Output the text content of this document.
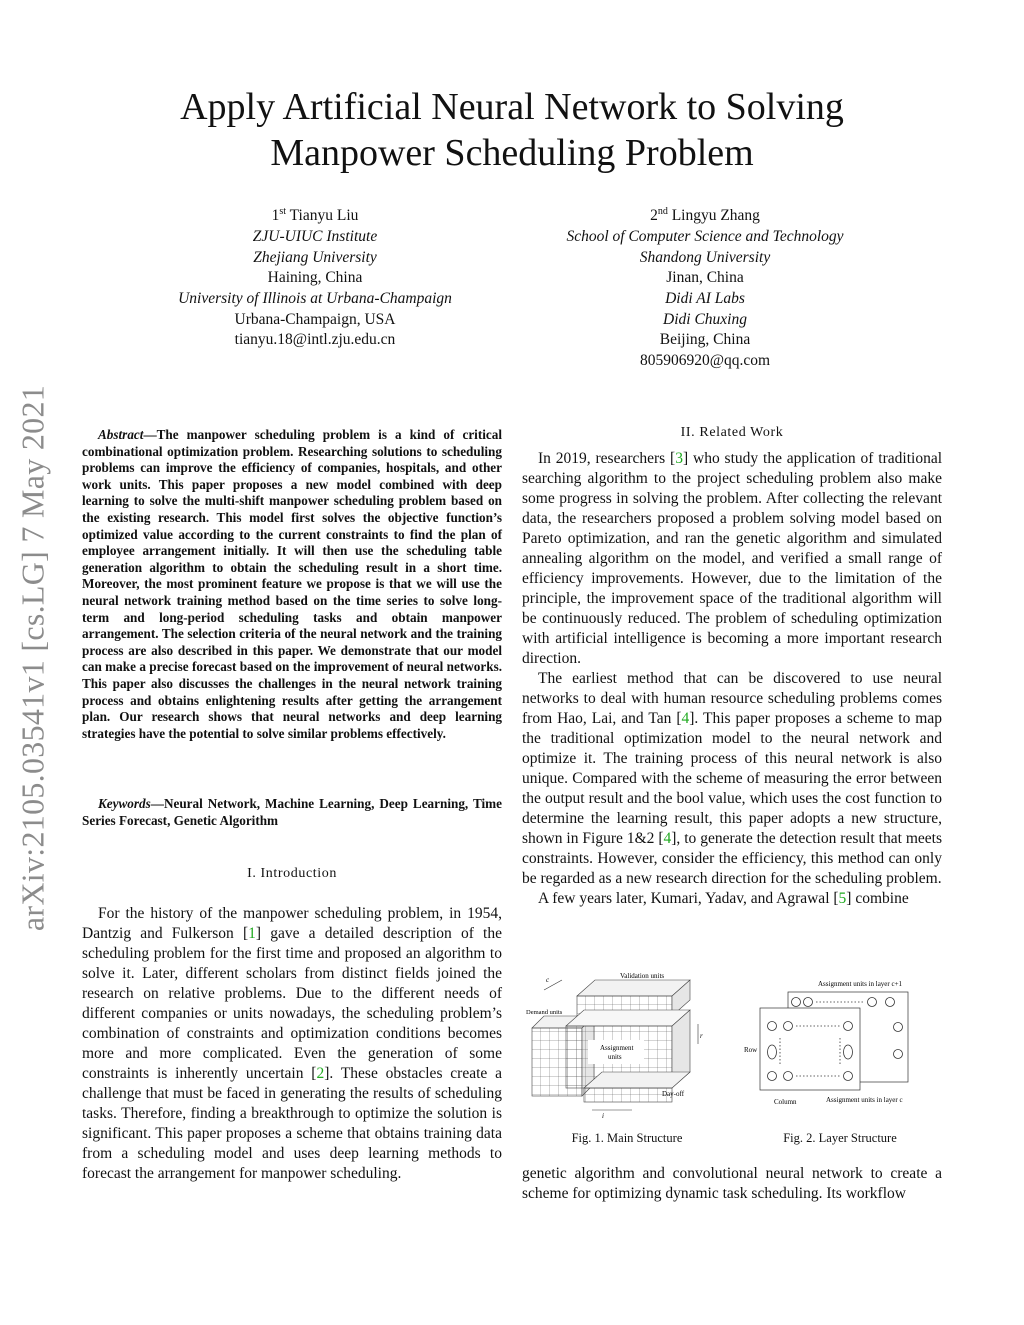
arXiv:2105.03541v1 [cs.LG] 7 May 2021
Apply Artificial Neural Network to Solving
Manpower Scheduling Problem
1st Tianyu Liu
ZJU-UIUC Institute
Zhejiang University
Haining, China
University of Illinois at Urbana-Champaign
Urbana-Champaign, USA
tianyu.18@intl.zju.edu.cn
2nd Lingyu Zhang
School of Computer Science and Technology
Shandong University
Jinan, China
Didi AI Labs
Didi Chuxing
Beijing, China
805906920@qq.com

Abstract—The manpower scheduling problem is a kind of critical combinational optimization problem. Researching solutions to scheduling problems can improve the efficiency of companies, hospitals, and other work units. This paper proposes a new model combined with deep learning to solve the multi-shift manpower scheduling problem based on the existing research. This model first solves the objective function’s optimized value according to the current constraints to find the plan of employee arrangement initially. It will then use the scheduling table generation algorithm to obtain the scheduling result in a short time. Moreover, the most prominent feature we propose is that we will use the neural network training method based on the time series to solve long-term and long-period scheduling tasks and obtain manpower arrangement. The selection criteria of the neural network and the training process are also described in this paper. We demonstrate that our model can make a precise forecast based on the improvement of neural networks. This paper also discusses the challenges in the neural network training process and obtains enlightening results after getting the arrangement plan. Our research shows that neural networks and deep learning strategies have the potential to solve similar problems effectively.

Keywords—Neural Network, Machine Learning, Deep Learning, Time Series Forecast, Genetic Algorithm

I. Introduction

For the history of the manpower scheduling problem, in 1954, Dantzig and Fulkerson [1] gave a detailed description of the scheduling problem for the first time and proposed an algorithm to solve it. Later, different scholars from distinct fields joined the research on relative problems. Due to the different needs of different companies or units nowadays, the scheduling problem’s combination of constraints and optimization conditions becomes more and more complicated. Even the generation of some constraints is inherently uncertain [2]. These obstacles create a challenge that must be faced in generating the results of scheduling tasks. Therefore, finding a breakthrough to optimize the solution is significant. This paper proposes a scheme that obtains training data from a scheduling model and uses deep learning methods to forecast the arrangement for manpower scheduling.

II. Related Work

In 2019, researchers [3] who study the application of traditional searching algorithm to the project scheduling problem also make some progress in solving the problem. After collecting the relevant data, the researchers proposed a problem solving model based on Pareto optimization, and ran the genetic algorithm and simulated annealing algorithm on the model, and verified a small range of efficiency improvements. However, due to the limitation of the principle, the improvement space of the traditional algorithm will be continuously reduced. The problem of scheduling optimization with artificial intelligence is becoming a more important research direction.

The earliest method that can be discovered to use neural networks to deal with human resource scheduling problems comes from Hao, Lai, and Tan [4]. This paper proposes a scheme to map the traditional optimization model to the neural network and optimize it. The training process of this neural network is also unique. Compared with the scheme of measuring the error between the output result and the bool value, which uses the cost function to determine the learning result, this paper adopts a new structure, shown in Figure 1&2 [4], to generate the detection result that meets constraints. However, consider the efficiency, this method can only be regarded as a new research direction for the scheduling problem.

A few years later, Kumari, Yadav, and Agrawal [5] combine

Validation units
Demand units
Assignment
units
Day-off
c
r
i
Fig. 1. Main Structure
Assignment units in layer c+1
Row
Column	Assignment units in layer c
Fig. 2. Layer Structure

genetic algorithm and convolutional neural network to create a scheme for optimizing dynamic task scheduling. Its workflow
